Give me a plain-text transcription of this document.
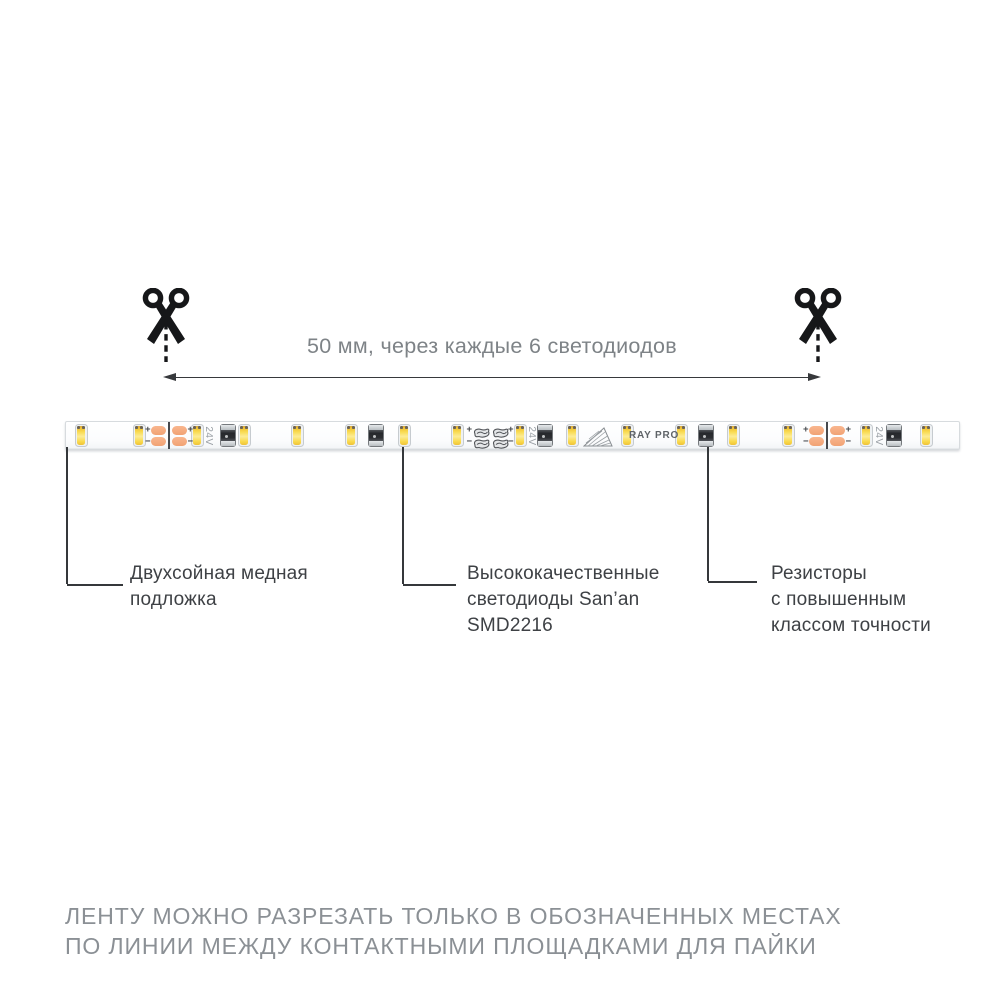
50 мм, через каждые 6 светодиодов
+
−
+
−
+
−
+
−
+
−
+
−
24V	24V	24V
RAY PRO
Двухсойная медная
подложка
Высококачественные
светодиоды San’an
SMD2216
Резисторы
с повышенным
классом точности
ЛЕНТУ МОЖНО РАЗРЕЗАТЬ ТОЛЬКО В ОБОЗНАЧЕННЫХ МЕСТАХ
ПО ЛИНИИ МЕЖДУ КОНТАКТНЫМИ ПЛОЩАДКАМИ ДЛЯ ПАЙКИ
